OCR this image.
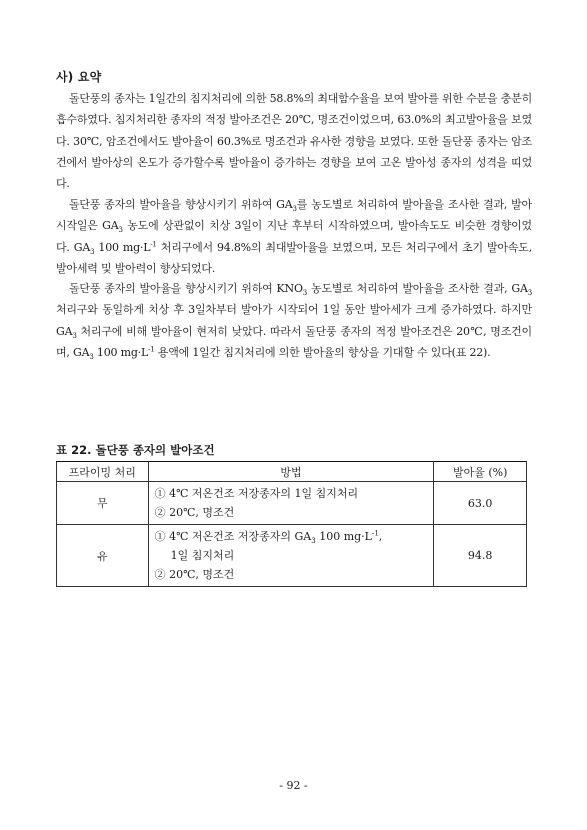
사) 요약

돌단풍의 종자는 1일간의 침지처리에 의한 58.8%의 최대함수율을 보여 발아를 위한 수분을 충분히 흡수하였다. 침지처리한 종자의 적정 발아조건은 20℃, 명조건이었으며, 63.0%의 최고발아율을 보였다. 30℃, 암조건에서도 발아율이 60.3%로 명조건과 유사한 경향을 보였다. 또한 돌단풍 종자는 암조건에서 발아상의 온도가 증가할수록 발아율이 증가하는 경향을 보여 고온 발아성 종자의 성격을 띠었다.

돌단풍 종자의 발아율을 향상시키기 위하여 $GA_3$를 농도별로 처리하여 발아율을 조사한 결과, 발아 시작일은 $GA_3$ 농도에 상관없이 치상 3일이 지난 후부터 시작하였으며, 발아속도도 비슷한 경향이었다. $GA_3$ 100 $mg\cdot L^{-1}$ 처리구에서 94.8%의 최대발아율을 보였으며, 모든 처리구에서 초기 발아속도, 발아세력 및 발아력이 향상되었다.

돌단풍 종자의 발아율을 향상시키기 위하여 $KNO_3$ 농도별로 처리하여 발아율을 조사한 결과, $GA_3$ 처리구와 동일하게 치상 후 3일차부터 발아가 시작되어 1일 동안 발아세가 크게 증가하였다. 하지만 $GA_3$ 처리구에 비해 발아율이 현저히 낮았다. 따라서 돌단풍 종자의 적정 발아조건은 20℃, 명조건이며, $GA_3$ 100 $mg\cdot L^{-1}$ 용액에 1일간 침지처리에 의한 발아율의 향상을 기대할 수 있다(표 22).

표 22. 돌단풍 종자의 발아조건
프라이밍 처리	방법	발아율 (%)
무	① 4℃ 저온건조 저장종자의 1일 침지처리
② 20℃, 명조건	63.0
유	① 4℃ 저온건조 저장종자의 $GA_3$ 100 $mg\cdot L^{-1}$,
1일 침지처리
② 20℃, 명조건	94.8
- 92 -
